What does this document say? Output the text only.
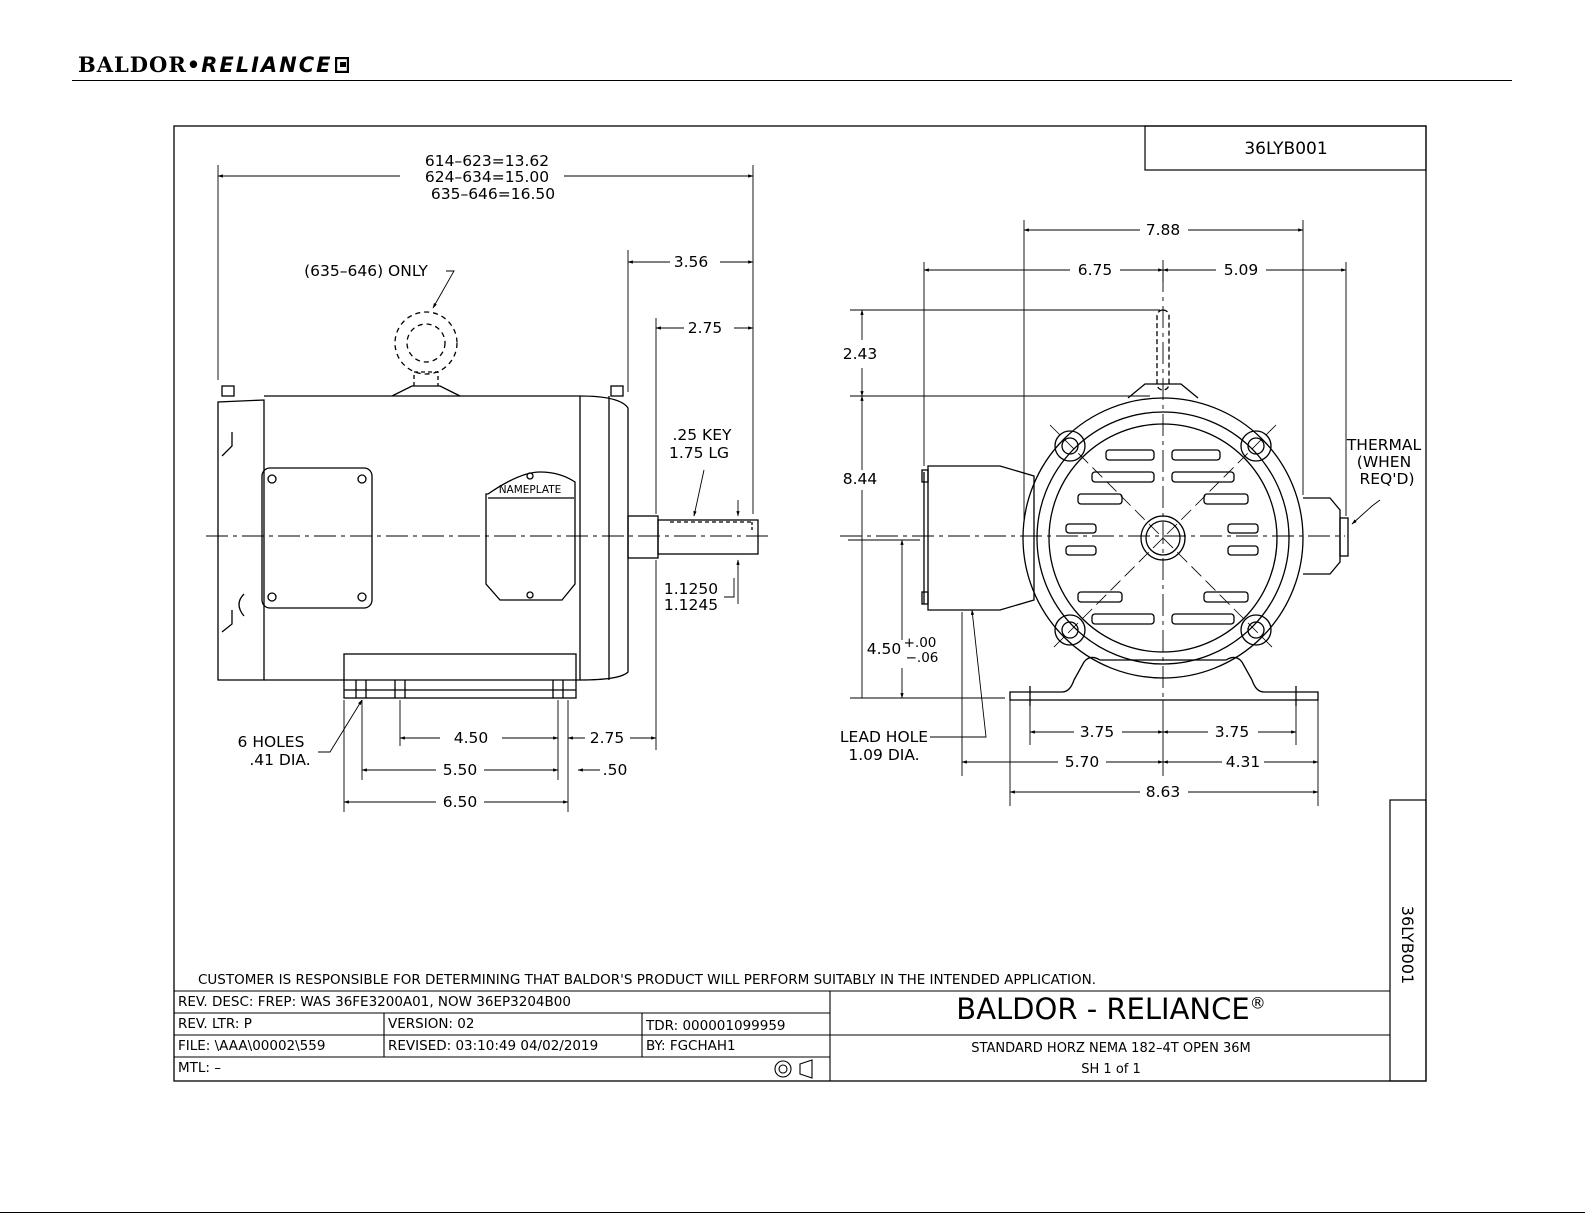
BALDOR•RELIANCE
36LYB001
36LYB001
614–623=13.62
624–634=15.00
635–646=16.50
(635–646) ONLY	3.56
2.75
.25 KEY
1.75 LG
NAMEPLATE
1.1250
1.1245
6 HOLES
.41 DIA.
4.50	2.75
5.50	.50
6.50
7.88
6.75	5.09
2.43
8.44
THERMAL
(WHEN
REQ'D)
4.50 +.00
−.06
LEAD HOLE
1.09 DIA.
3.75	3.75
5.70	4.31
8.63
CUSTOMER IS RESPONSIBLE FOR DETERMINING THAT BALDOR'S PRODUCT WILL PERFORM SUITABLY IN THE INTENDED APPLICATION.
REV. DESC: FREP: WAS 36FE3200A01, NOW 36EP3204B00
REV. LTR: P	VERSION: 02	TDR: 000001099959
FILE: \AAA\00002\559	REVISED: 03:10:49 04/02/2019	BY: FGCHAH1
MTL: –
BALDOR - RELIANCE®
STANDARD HORZ NEMA 182–4T OPEN 36M
SH 1 of 1
